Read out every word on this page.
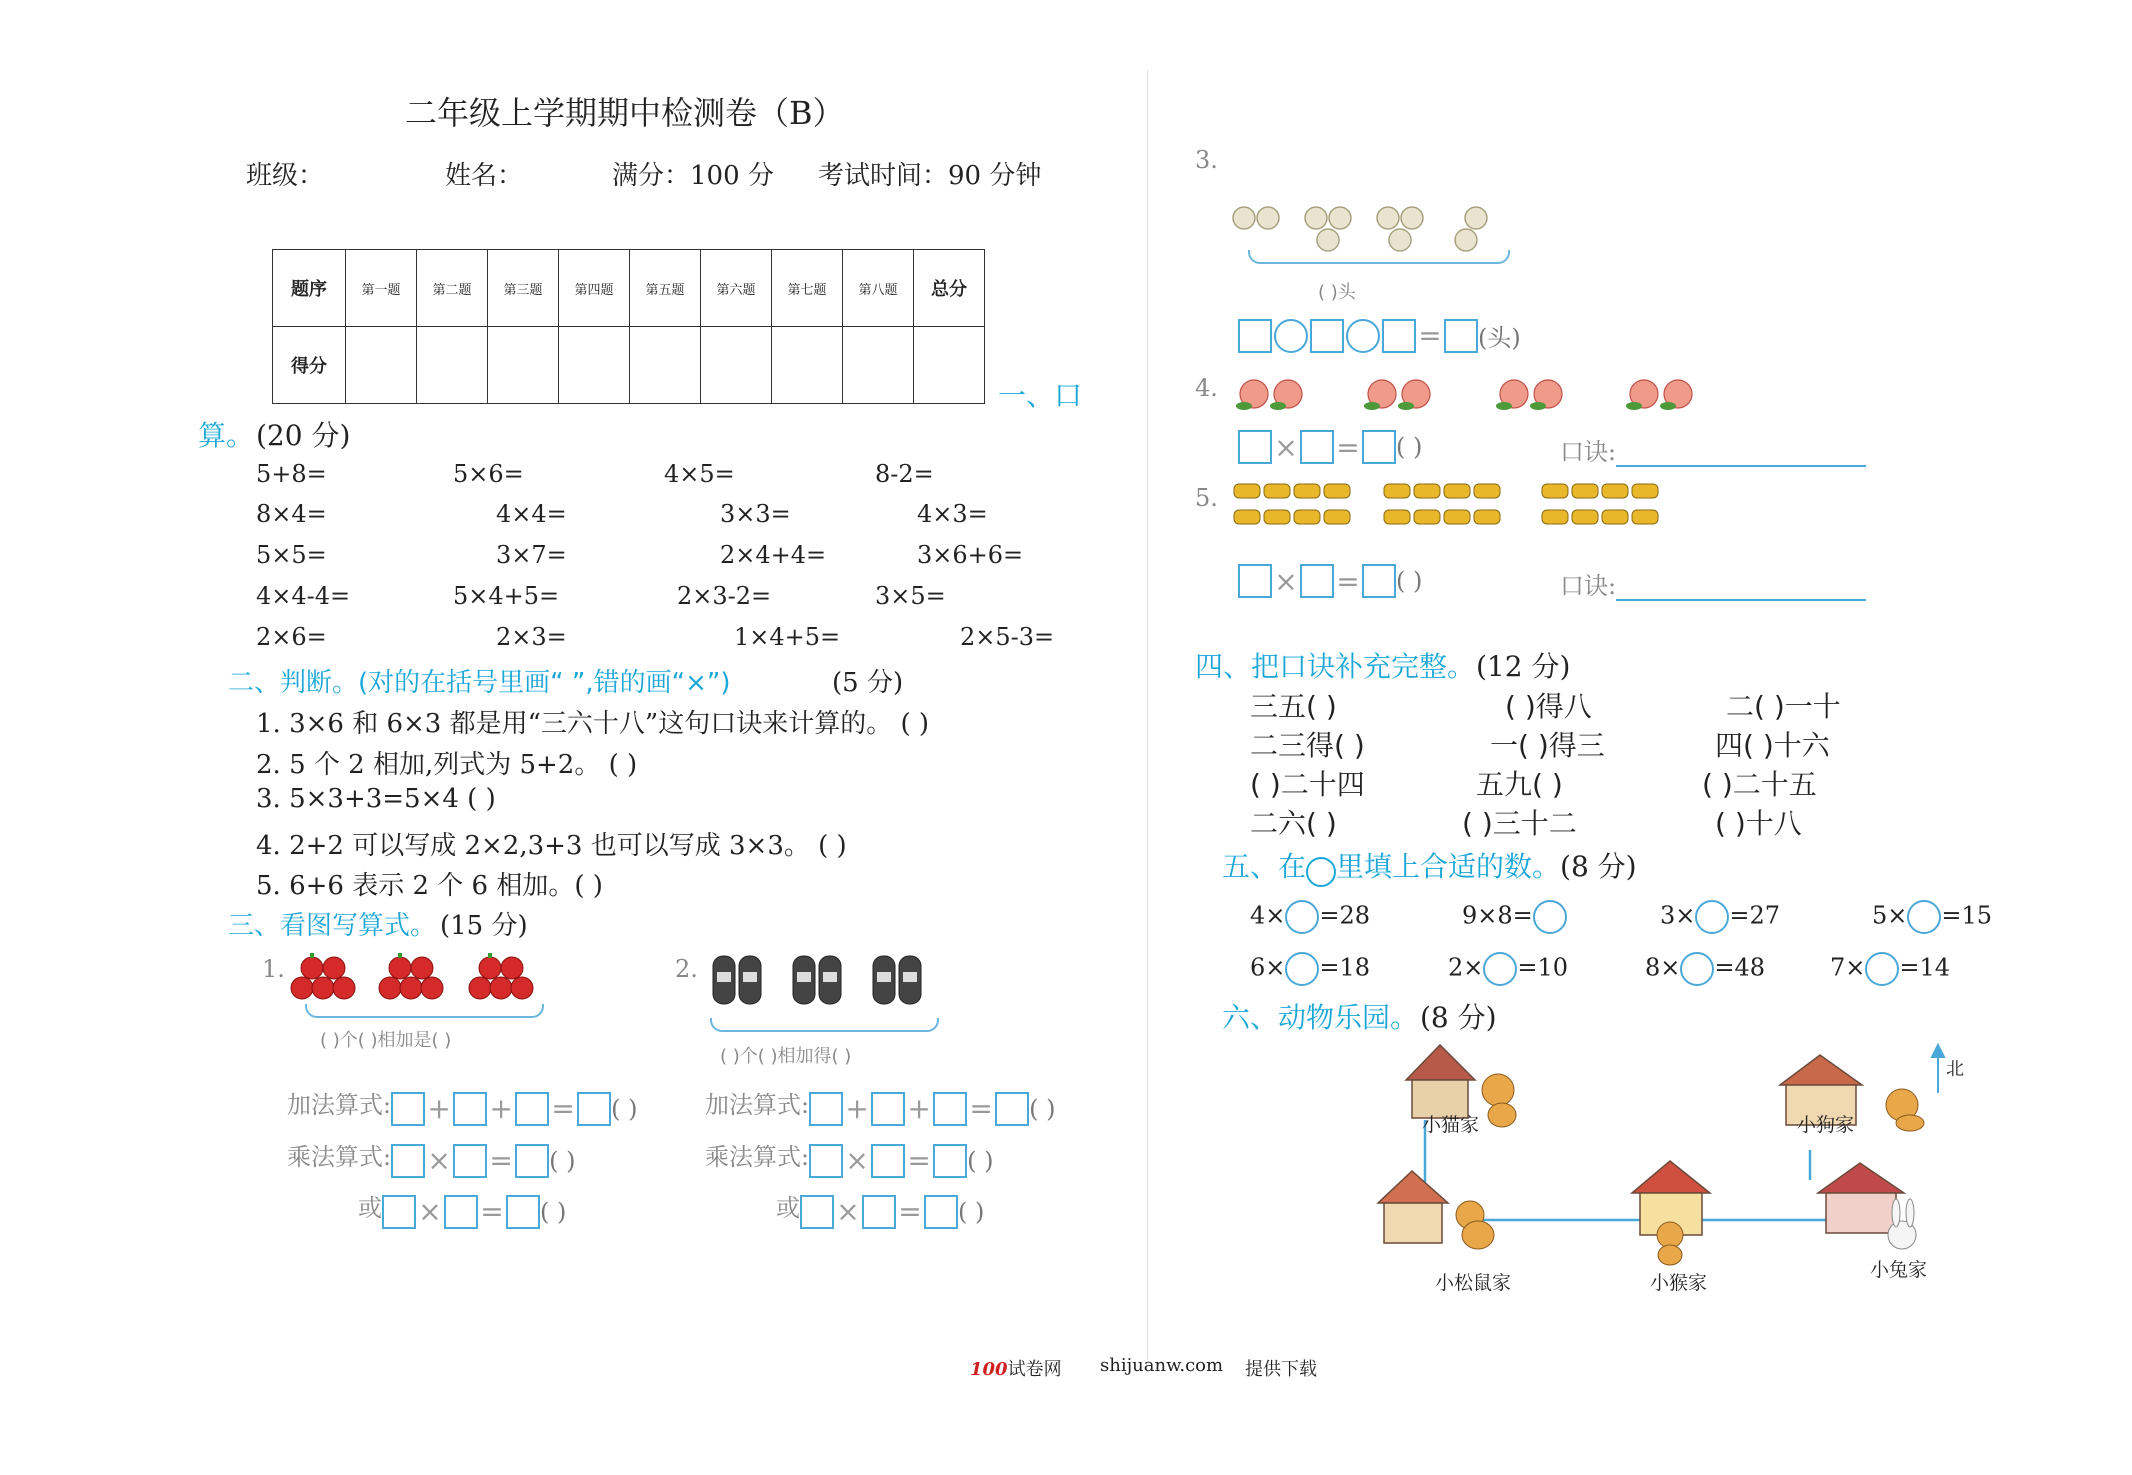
二年级上学期期中检测卷（B）
班级：	姓名：	满分：100 分 考试时间：90 分钟
题序	第一题	第二题	第三题	第四题	第五题	第六题	第七题	第八题	总分
得分									
一、口
算。 (20 分)
5+8=	5×6=	4×5=	8-2=
8×4=	4×4=	3×3=	4×3=
5×5=	3×7=	2×4+4=	3×6+6=
4×4-4=	5×4+5=	2×3-2=	3×5=
2×6=	2×3=	1×4+5=	2×5-3=
二、判断。(对的在括号里画“ ”,错的画“×”)	(5 分)
1. 3×6 和 6×3 都是用“三六十八”这句口诀来计算的。 ( )
2. 5 个 2 相加,列式为 5+2。 ( )
3. 5×3+3=5×4 ( )
4. 2+2 可以写成 2×2,3+3 也可以写成 3×3。 ( )
5. 6+6 表示 2 个 6 相加。( )
三、看图写算式。 (15 分)
1.
( )个( )相加是( )
2.
( )个( )相加得( )
加法算式: + + = ( )
乘法算式: × = ( )
或 × = ( )
加法算式: + + = ( )
乘法算式: × = ( )
或 × = ( )
3.
( )头
= (头)
4.
× = ( )	口诀:
5.
× = ( )	口诀:
四、把口诀补充完整。 (12 分)
三五( )	( )得八	二( )一十
二三得( )	一( )得三	四( )十六
( )二十四	五九( )	( )二十五
二六( )	( )三十二	( )十八
五、在 里填上合适的数。(8 分)
4× =28	9×8=	3× =27	5× =15
6× =18	2× =10	8× =48	7× =14
六、动物乐园。 (8 分)
小猫家	小狗家
小松鼠家	小猴家
小兔家
北
100试卷网 shijuanw.com 提供下载
